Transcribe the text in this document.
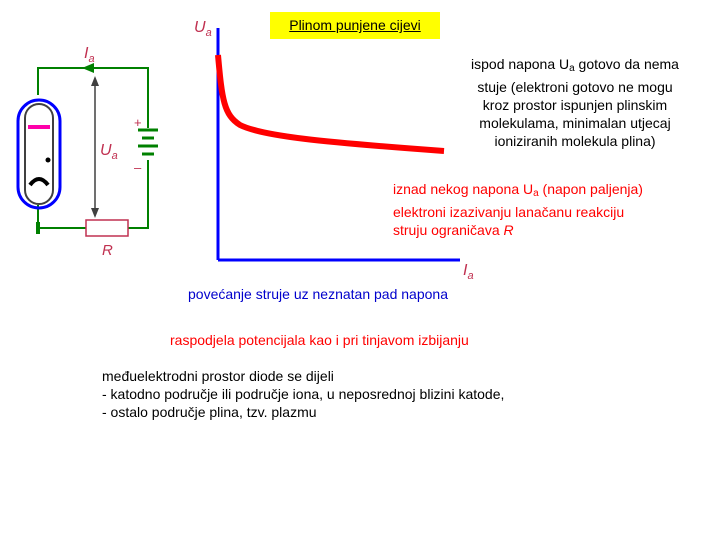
$U_a$
$I_a$
$I_a$
$U_a$
+
–
R
Plinom punjene cijevi
ispod napona Ua gotovo da nema
stuje (elektroni gotovo ne mogu
kroz prostor ispunjen plinskim
molekulama, minimalan utjecaj
ioniziranih molekula plina)
iznad nekog napona Ua (napon paljenja)
elektroni izazivanju lanačanu reakciju
struju ograničava R
povećanje struje uz neznatan pad napona
raspodjela potencijala kao i pri tinjavom izbijanju
međuelektrodni prostor diode se dijeli
- katodno područje ili područje iona, u neposrednoj blizini katode,
- ostalo područje plina, tzv. plazmu
